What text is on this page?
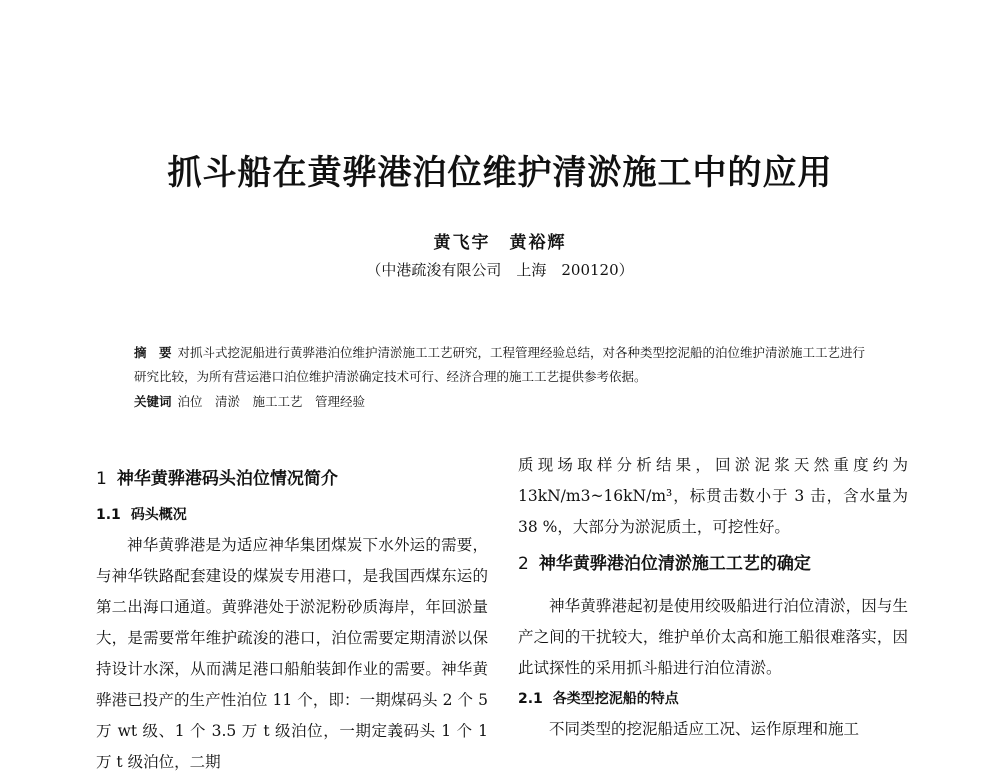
抓斗船在黄骅港泊位维护清淤施工中的应用
黄飞宇　黄裕辉
（中港疏浚有限公司　上海　200120）
摘　要 对抓斗式挖泥船进行黄骅港泊位维护清淤施工工艺研究，工程管理经验总结，对各种类型挖泥船的泊位维护清淤施工工艺进行研究比较，为所有营运港口泊位维护清淤确定技术可行、经济合理的施工工艺提供参考依据。
关键词 泊位　清淤　施工工艺　管理经验
1 神华黄骅港码头泊位情况简介
1.1 码头概况

神华黄骅港是为适应神华集团煤炭下水外运的需要，与神华铁路配套建设的煤炭专用港口，是我国西煤东运的第二出海口通道。黄骅港处于淤泥粉砂质海岸，年回淤量大，是需要常年维护疏浚的港口，泊位需要定期清淤以保持设计水深，从而满足港口船舶装卸作业的需要。神华黄骅港已投产的生产性泊位 11 个，即：一期煤码头 2 个 5 万 wt 级、1 个 3.5 万 t 级泊位，一期定義码头 1 个 1 万 t 级泊位，二期

质现场取样分析结果，回淤泥浆天然重度约为 13kN/m3~16kN/m³，标贯击数小于 3 击，含水量为 38 %，大部分为淤泥质土，可挖性好。

2 神华黄骅港泊位清淤施工工艺的确定

神华黄骅港起初是使用绞吸船进行泊位清淤，因与生产之间的干扰较大，维护单价太高和施工船很难落实，因此试探性的采用抓斗船进行泊位清淤。

2.1 各类型挖泥船的特点

不同类型的挖泥船适应工况、运作原理和施工
